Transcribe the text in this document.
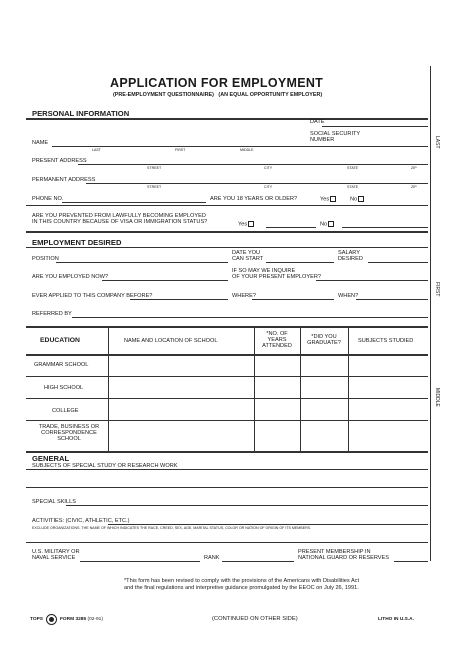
APPLICATION FOR EMPLOYMENT
(PRE-EMPLOYMENT QUESTIONNAIRE)   (AN EQUAL OPPORTUNITY EMPLOYER)
LAST
FIRST
MIDDLE
PERSONAL INFORMATION
DATE
SOCIAL SECURITY
NUMBER
NAME
LAST	FIRST	MIDDLE
PRESENT ADDRESS
STREET	CITY	STATE	ZIP
PERMANENT ADDRESS
STREET	CITY	STATE	ZIP
PHONE NO.	ARE YOU 18 YEARS OR OLDER?	Yes	No
ARE YOU PREVENTED FROM LAWFULLY BECOMING EMPLOYED
IN THIS COUNTRY BECAUSE OF VISA OR IMMIGRATION STATUS?	Yes	No
EMPLOYMENT DESIRED
POSITION
DATE YOU
CAN START
SALARY
DESIRED
ARE YOU EMPLOYED NOW?
IF SO MAY WE INQUIRE
OF YOUR PRESENT EMPLOYER?
EVER APPLIED TO THIS COMPANY BEFORE?	WHERE?	WHEN?
REFERRED BY
EDUCATION	NAME AND LOCATION OF SCHOOL
*NO. OF
YEARS
ATTENDED
*DID YOU
GRADUATE?	SUBJECTS STUDIED
GRAMMAR SCHOOL
HIGH SCHOOL
COLLEGE
TRADE, BUSINESS OR
CORRESPONDENCE
SCHOOL
GENERAL
SUBJECTS OF SPECIAL STUDY OR RESEARCH WORK
SPECIAL SKILLS
ACTIVITIES: (CIVIC, ATHLETIC, ETC.)
EXCLUDE ORGANIZATIONS, THE NAME OF WHICH INDICATES THE RACE, CREED, SEX, AGE, MARITAL STATUS, COLOR OR NATION OF ORIGIN OF ITS MEMBERS.
U.S. MILITARY OR
NAVAL SERVICE	RANK
PRESENT MEMBERSHIP IN
NATIONAL GUARD OR RESERVES
*This form has been revised to comply with the provisions of the Americans with Disabilities Act
and the final regulations and interpretive guidance promulgated by the EEOC on July 26, 1991.
TOPS	FORM 3285 (02-91)	(CONTINUED ON OTHER SIDE)	LITHO IN U.S.A.
